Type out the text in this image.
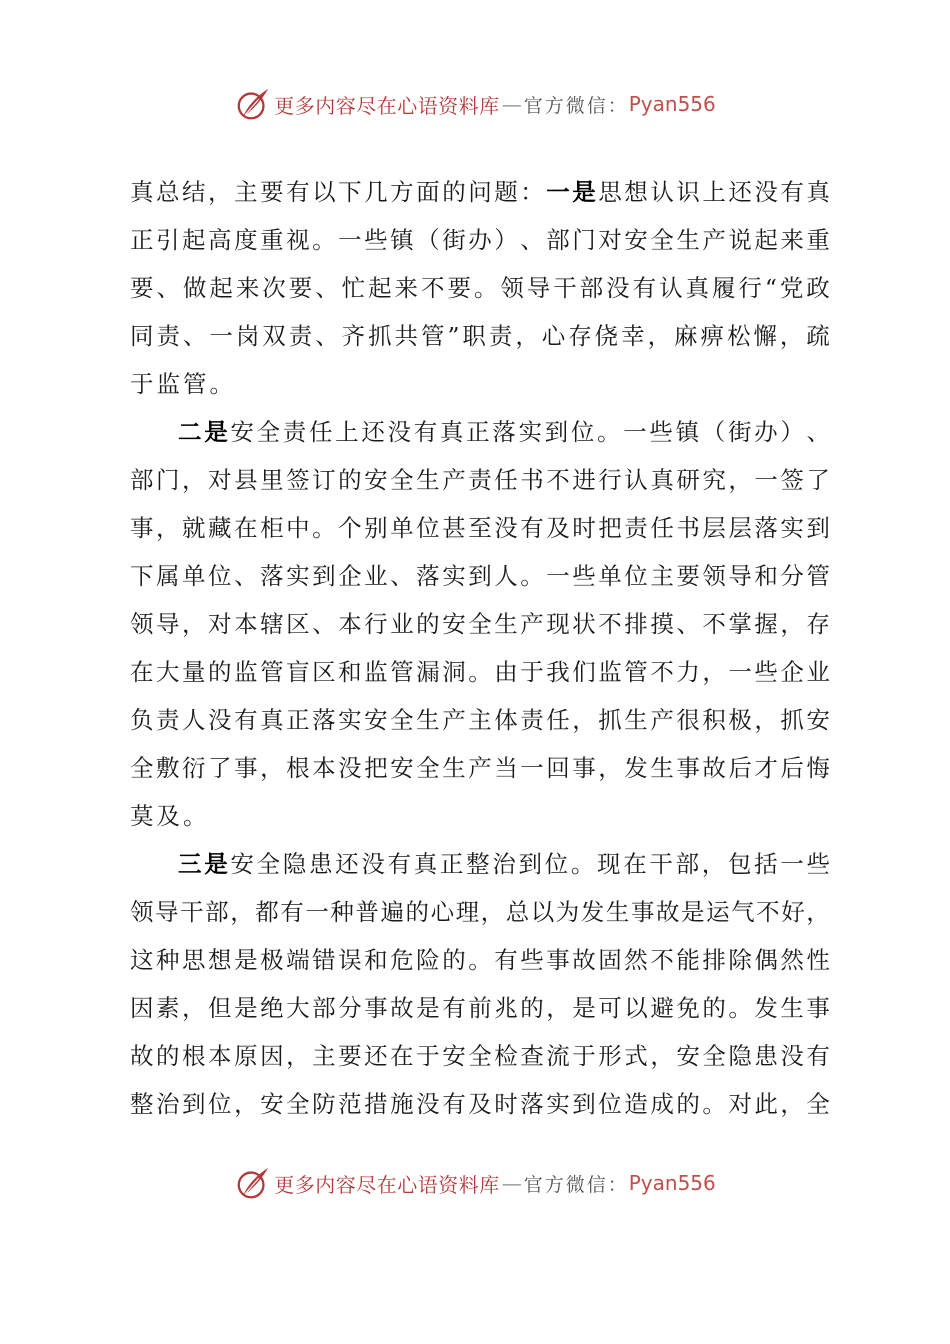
更多内容尽在心语资料库 — 官方微信： Pyan556
真 总 结 ， 主 要 有 以 下 几 方 面 的 问 题 ： 一 是 思 想 认 识 上 还 没 有 真
正 引 起 高 度 重 视 。 一 些 镇 （ 街 办 ） 、 部 门 对 安 全 生 产 说 起 来 重
要 、 做 起 来 次 要 、 忙 起 来 不 要 。 领 导 干 部 没 有 认 真 履 行 “ 党 政
同 责 、 一 岗 双 责 、 齐 抓 共 管 ” 职 责 ， 心 存 侥 幸 ， 麻 痹 松 懈 ， 疏
于监管。
二 是 安 全 责 任 上 还 没 有 真 正 落 实 到 位 。 一 些 镇 （ 街 办 ） 、
部 门 ， 对 县 里 签 订 的 安 全 生 产 责 任 书 不 进 行 认 真 研 究 ， 一 签 了
事 ， 就 藏 在 柜 中 。 个 别 单 位 甚 至 没 有 及 时 把 责 任 书 层 层 落 实 到
下 属 单 位 、 落 实 到 企 业 、 落 实 到 人 。 一 些 单 位 主 要 领 导 和 分 管
领 导 ， 对 本 辖 区 、 本 行 业 的 安 全 生 产 现 状 不 排 摸 、 不 掌 握 ， 存
在 大 量 的 监 管 盲 区 和 监 管 漏 洞 。 由 于 我 们 监 管 不 力 ， 一 些 企 业
负 责 人 没 有 真 正 落 实 安 全 生 产 主 体 责 任 ， 抓 生 产 很 积 极 ， 抓 安
全 敷 衍 了 事 ， 根 本 没 把 安 全 生 产 当 一 回 事 ， 发 生 事 故 后 才 后 悔
莫及。
三 是 安 全 隐 患 还 没 有 真 正 整 治 到 位 。 现 在 干 部 ， 包 括 一 些
领 导 干 部 ， 都 有 一 种 普 遍 的 心 理 ， 总 以 为 发 生 事 故 是 运 气 不 好 ，
这 种 思 想 是 极 端 错 误 和 危 险 的 。 有 些 事 故 固 然 不 能 排 除 偶 然 性
因 素 ， 但 是 绝 大 部 分 事 故 是 有 前 兆 的 ， 是 可 以 避 免 的 。 发 生 事
故 的 根 本 原 因 ， 主 要 还 在 于 安 全 检 查 流 于 形 式 ， 安 全 隐 患 没 有
整 治 到 位 ， 安 全 防 范 措 施 没 有 及 时 落 实 到 位 造 成 的 。 对 此 ， 全
更多内容尽在心语资料库 — 官方微信： Pyan556
